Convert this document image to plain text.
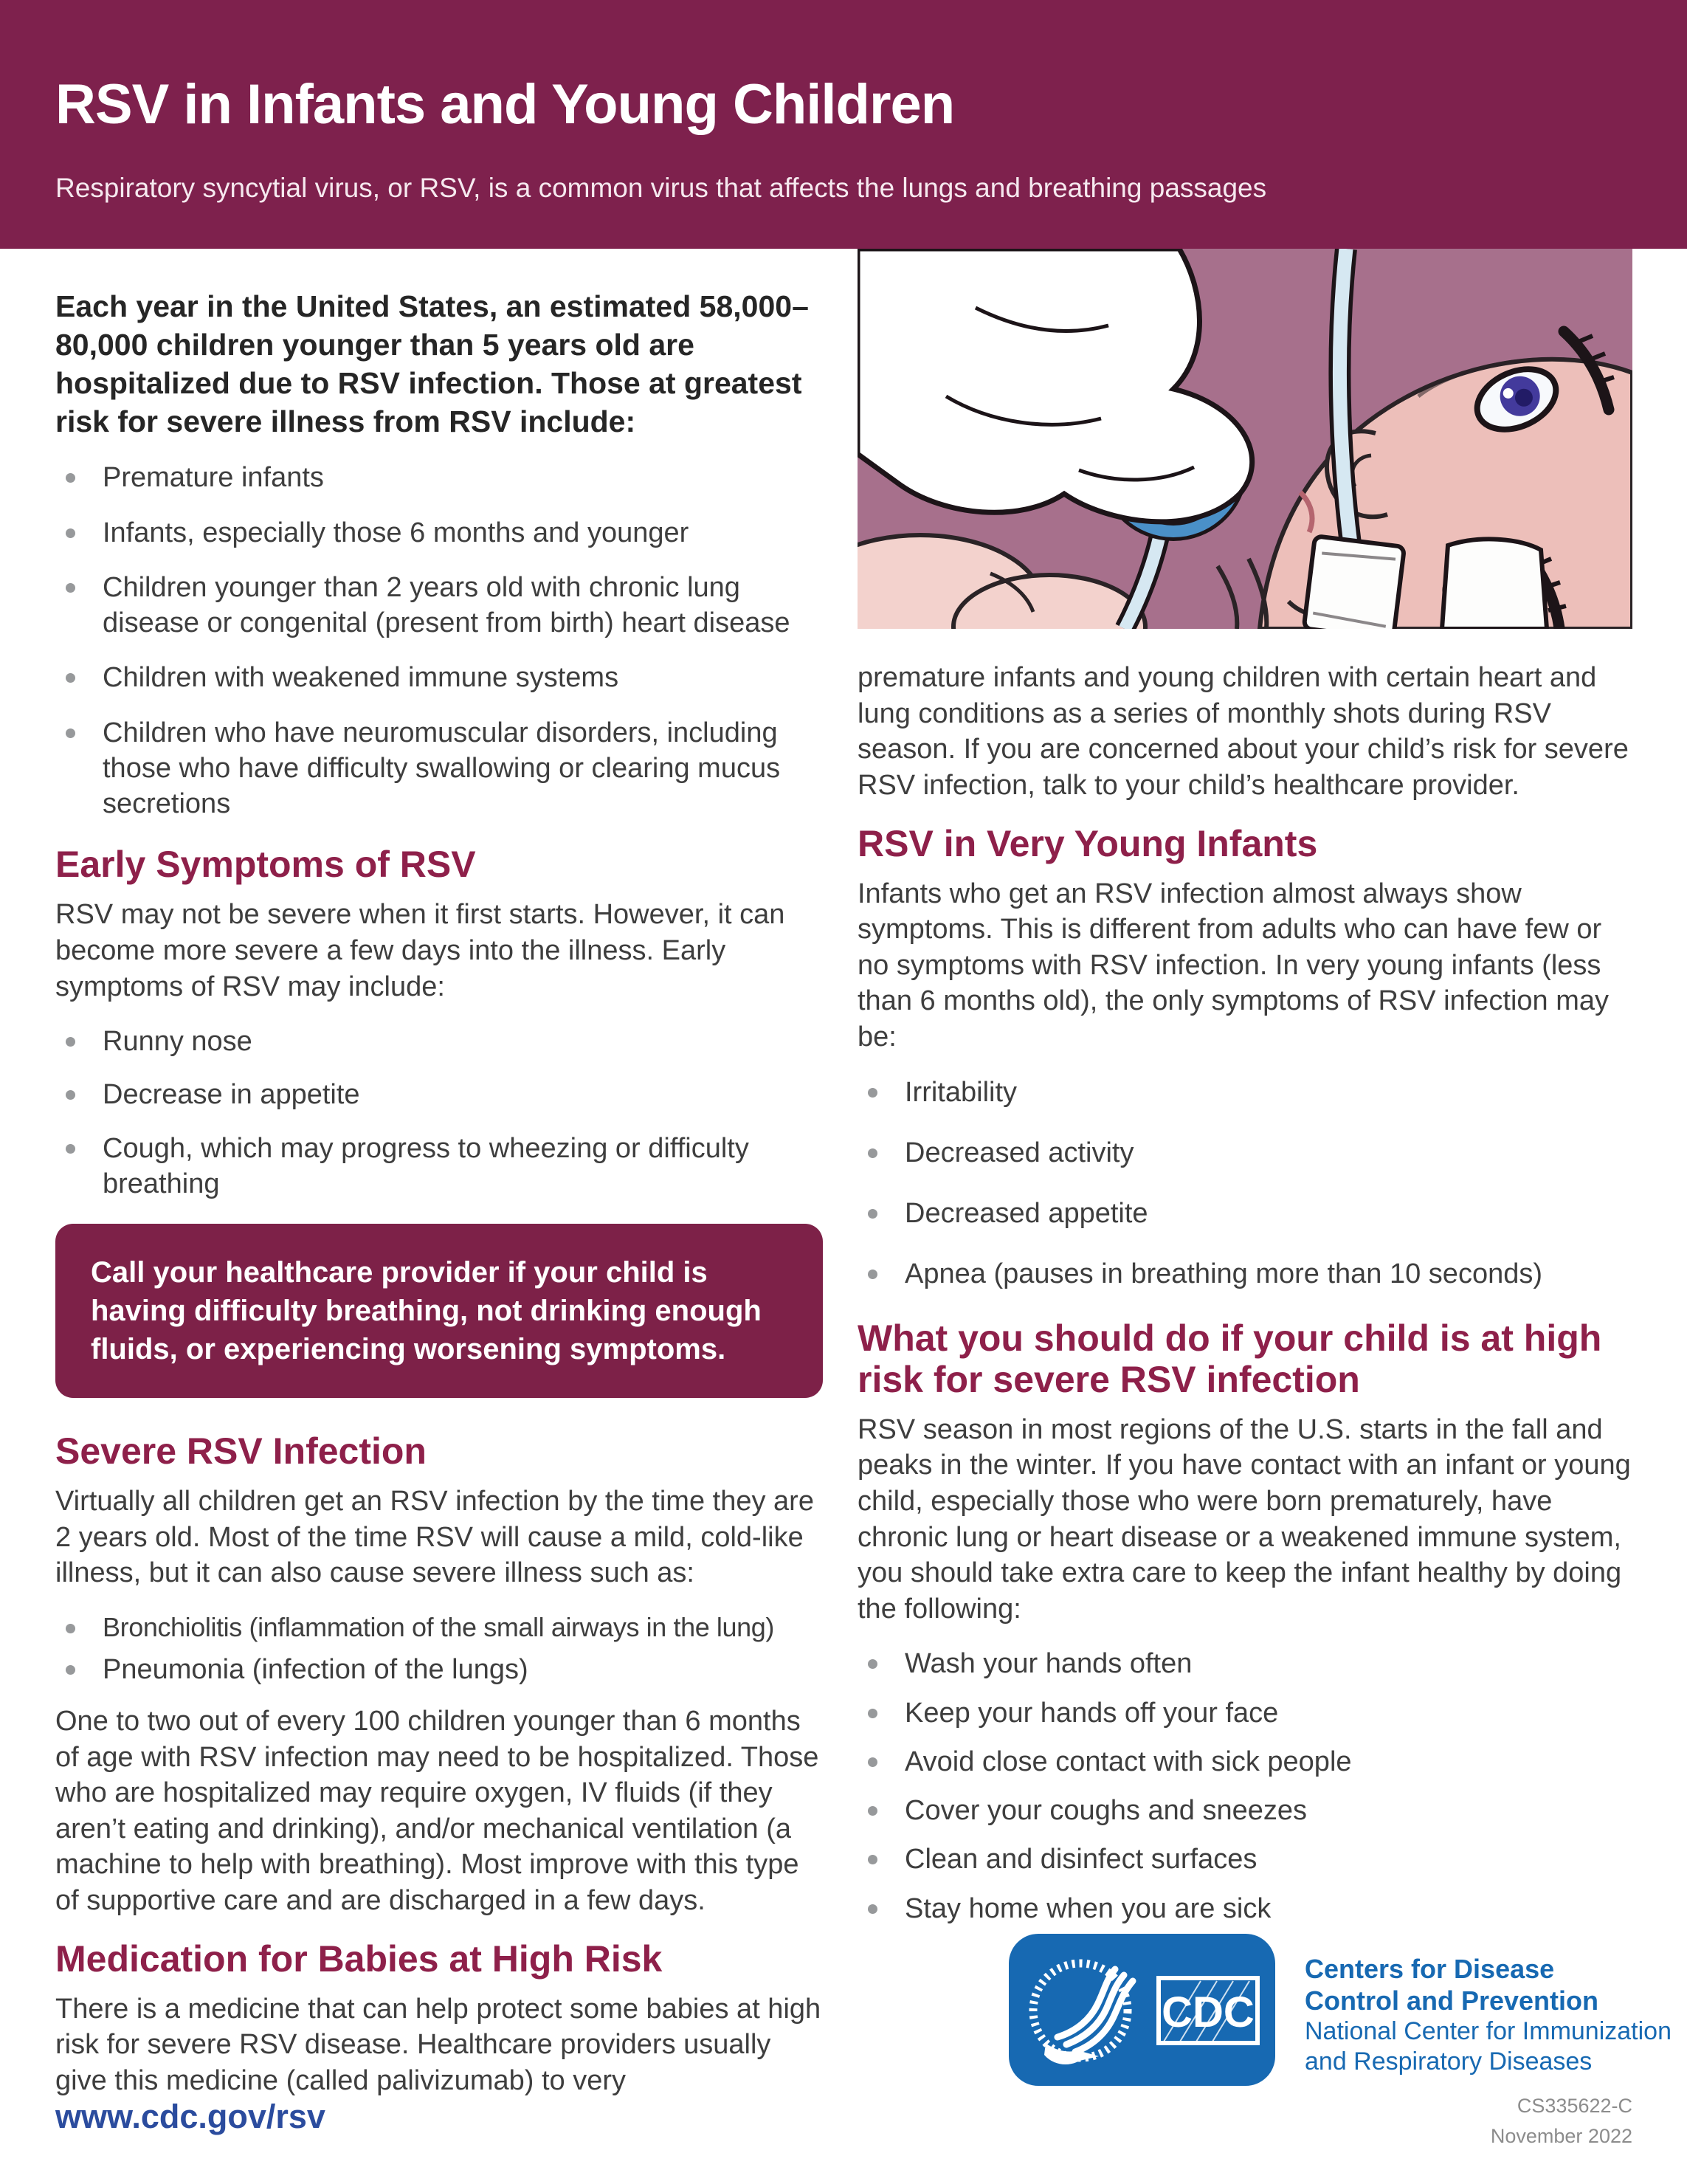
RSV in Infants and Young Children

Respiratory syncytial virus, or RSV, is a common virus that affects the lungs and breathing passages

Each year in the United States, an estimated 58,000–80,000 children younger than 5 years old are hospitalized due to RSV infection. Those at greatest risk for severe illness from RSV include:

Premature infants
Infants, especially those 6 months and younger
Children younger than 2 years old with chronic lung disease or congenital (present from birth) heart disease
Children with weakened immune systems
Children who have neuromuscular disorders, including those who have difficulty swallowing or clearing mucus secretions
Early Symptoms of RSV

RSV may not be severe when it first starts. However, it can become more severe a few days into the illness. Early symptoms of RSV may include:

Runny nose
Decrease in appetite
Cough, which may progress to wheezing or difficulty breathing

Call your healthcare provider if your child is having difficulty breathing, not drinking enough fluids, or experiencing worsening symptoms.

Severe RSV Infection

Virtually all children get an RSV infection by the time they are 2 years old. Most of the time RSV will cause a mild, cold-like illness, but it can also cause severe illness such as:

Bronchiolitis (inflammation of the small airways in the lung)
Pneumonia (infection of the lungs)

One to two out of every 100 children younger than 6 months of age with RSV infection may need to be hospitalized. Those who are hospitalized may require oxygen, IV fluids (if they aren’t eating and drinking), and/or mechanical ventilation (a machine to help with breathing). Most improve with this type of supportive care and are discharged in a few days.

Medication for Babies at High Risk

There is a medicine that can help protect some babies at high risk for severe RSV disease. Healthcare providers usually give this medicine (called palivizumab) to very

premature infants and young children with certain heart and lung conditions as a series of monthly shots during RSV season. If you are concerned about your child’s risk for severe RSV infection, talk to your child’s healthcare provider.

RSV in Very Young Infants

Infants who get an RSV infection almost always show symptoms. This is different from adults who can have few or no symptoms with RSV infection. In very young infants (less than 6 months old), the only symptoms of RSV infection may be:

Irritability
Decreased activity
Decreased appetite
Apnea (pauses in breathing more than 10 seconds)
What you should do if your child is at high risk for severe RSV infection

RSV season in most regions of the U.S. starts in the fall and peaks in the winter. If you have contact with an infant or young child, especially those who were born prematurely, have chronic lung or heart disease or a weakened immune system, you should take extra care to keep the infant healthy by doing the following:

Wash your hands often
Keep your hands off your face
Avoid close contact with sick people
Cover your coughs and sneezes
Clean and disinfect surfaces
Stay home when you are sick
www.cdc.gov/rsv
CDC
Centers for Disease
Control and Prevention
National Center for Immunization
and Respiratory Diseases
CS335622-C
November 2022
